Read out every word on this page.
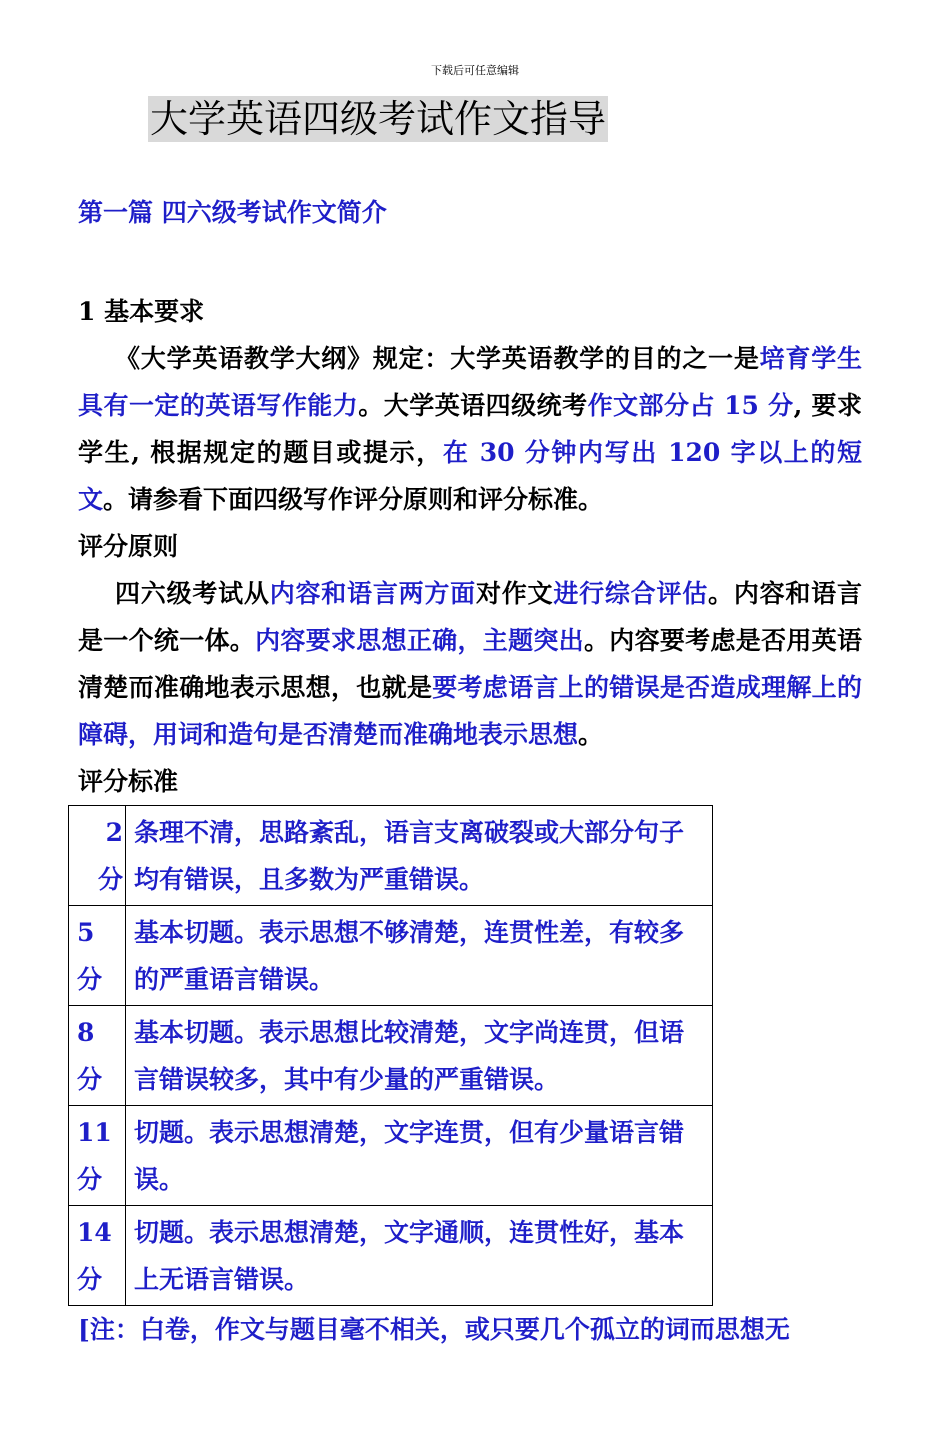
下载后可任意编辑
大学英语四级考试作文指导
第一篇 四六级考试作文简介

1 基本要求

《大学英语教学大纲》规定：大学英语教学的目的之一是培育学生具有一定的英语写作能力。大学英语四级统考作文部分占 15 分, 要求学生, 根据规定的题目或提示，在 30 分钟内写出 120 字以上的短文。请参看下面四级写作评分原则和评分标准。

评分原则

四六级考试从内容和语言两方面对作文进行综合评估。内容和语言是一个统一体。内容要求思想正确，主题突出。内容要考虑是否用英语清楚而准确地表示思想，也就是要考虑语言上的错误是否造成理解上的障碍，用词和造句是否清楚而准确地表示思想。

评分标准

2 分	条理不清，思路紊乱，语言支离破裂或大部分句子均有错误，且多数为严重错误。
5 分	基本切题。表示思想不够清楚，连贯性差，有较多的严重语言错误。
8 分	基本切题。表示思想比较清楚，文字尚连贯，但语言错误较多，其中有少量的严重错误。
11 分	切题。表示思想清楚，文字连贯，但有少量语言错误。
14 分	切题。表示思想清楚，文字通顺，连贯性好，基本上无语言错误。

[注：白卷，作文与题目毫不相关，或只要几个孤立的词而思想无
